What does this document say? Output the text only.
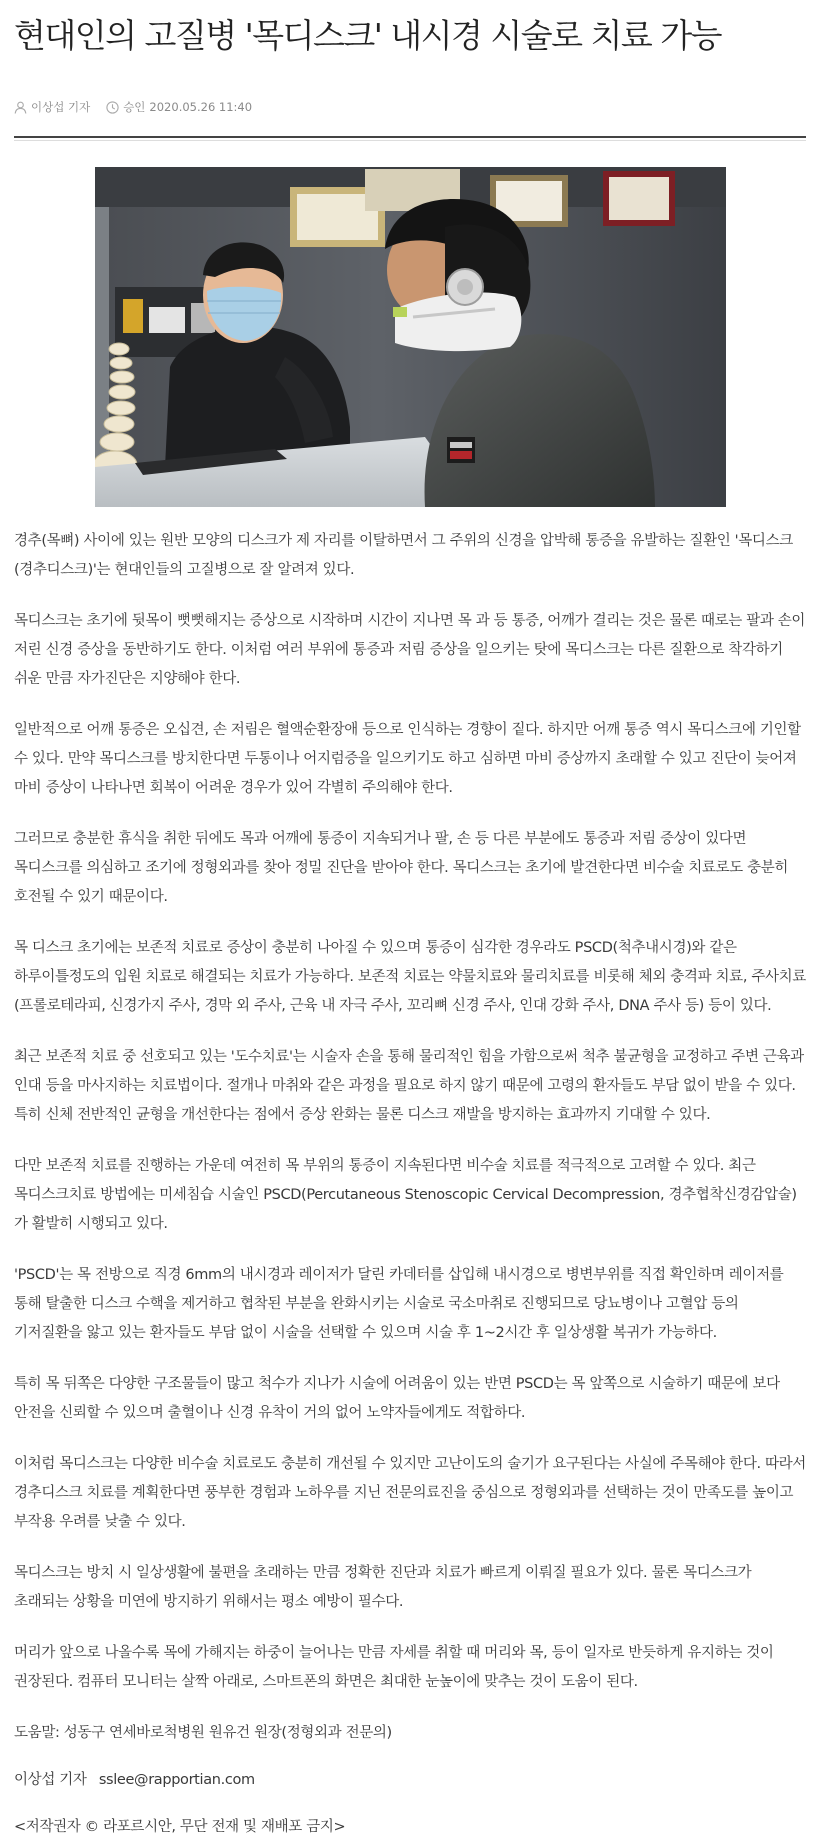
현대인의 고질병 '목디스크' 내시경 시술로 치료 가능
이상섭 기자	승인 2020.05.26 11:40

경추(목뼈) 사이에 있는 원반 모양의 디스크가 제 자리를 이탈하면서 그 주위의 신경을 압박해 통증을 유발하는 질환인 '목디스크(경추디스크)'는 현대인들의 고질병으로 잘 알려져 있다.

목디스크는 초기에 뒷목이 뻣뻣해지는 증상으로 시작하며 시간이 지나면 목 과 등 통증, 어깨가 결리는 것은 물론 때로는 팔과 손이 저린 신경 증상을 동반하기도 한다. 이처럼 여러 부위에 통증과 저림 증상을 일으키는 탓에 목디스크는 다른 질환으로 착각하기 쉬운 만큼 자가진단은 지양해야 한다.

일반적으로 어깨 통증은 오십견, 손 저림은 혈액순환장애 등으로 인식하는 경향이 짙다. 하지만 어깨 통증 역시 목디스크에 기인할 수 있다. 만약 목디스크를 방치한다면 두통이나 어지럼증을 일으키기도 하고 심하면 마비 증상까지 초래할 수 있고 진단이 늦어져 마비 증상이 나타나면 회복이 어려운 경우가 있어 각별히 주의해야 한다.

그러므로 충분한 휴식을 취한 뒤에도 목과 어깨에 통증이 지속되거나 팔, 손 등 다른 부분에도 통증과 저림 증상이 있다면 목디스크를 의심하고 조기에 정형외과를 찾아 정밀 진단을 받아야 한다. 목디스크는 초기에 발견한다면 비수술 치료로도 충분히 호전될 수 있기 때문이다.

목 디스크 초기에는 보존적 치료로 증상이 충분히 나아질 수 있으며 통증이 심각한 경우라도 PSCD(척추내시경)와 같은 하루이틀정도의 입원 치료로 해결되는 치료가 가능하다. 보존적 치료는 약물치료와 물리치료를 비롯해 체외 충격파 치료, 주사치료(프롤로테라피, 신경가지 주사, 경막 외 주사, 근육 내 자극 주사, 꼬리뼈 신경 주사, 인대 강화 주사, DNA 주사 등) 등이 있다.

최근 보존적 치료 중 선호되고 있는 '도수치료'는 시술자 손을 통해 물리적인 힘을 가함으로써 척추 불균형을 교정하고 주변 근육과 인대 등을 마사지하는 치료법이다. 절개나 마취와 같은 과정을 필요로 하지 않기 때문에 고령의 환자들도 부담 없이 받을 수 있다. 특히 신체 전반적인 균형을 개선한다는 점에서 증상 완화는 물론 디스크 재발을 방지하는 효과까지 기대할 수 있다.

다만 보존적 치료를 진행하는 가운데 여전히 목 부위의 통증이 지속된다면 비수술 치료를 적극적으로 고려할 수 있다. 최근 목디스크치료 방법에는 미세침습 시술인 PSCD(Percutaneous Stenoscopic Cervical Decompression, 경추협착신경감압술)가 활발히 시행되고 있다.

'PSCD'는 목 전방으로 직경 6mm의 내시경과 레이저가 달린 카데터를 삽입해 내시경으로 병변부위를 직접 확인하며 레이저를 통해 탈출한 디스크 수핵을 제거하고 협착된 부분을 완화시키는 시술로 국소마취로 진행되므로 당뇨병이나 고혈압 등의 기저질환을 앓고 있는 환자들도 부담 없이 시술을 선택할 수 있으며 시술 후 1~2시간 후 일상생활 복귀가 가능하다.

특히 목 뒤쪽은 다양한 구조물들이 많고 척수가 지나가 시술에 어려움이 있는 반면 PSCD는 목 앞쪽으로 시술하기 때문에 보다 안전을 신뢰할 수 있으며 출혈이나 신경 유착이 거의 없어 노약자들에게도 적합하다.

이처럼 목디스크는 다양한 비수술 치료로도 충분히 개선될 수 있지만 고난이도의 술기가 요구된다는 사실에 주목해야 한다. 따라서 경추디스크 치료를 계획한다면 풍부한 경험과 노하우를 지닌 전문의료진을 중심으로 정형외과를 선택하는 것이 만족도를 높이고 부작용 우려를 낮출 수 있다.

목디스크는 방치 시 일상생활에 불편을 초래하는 만큼 정확한 진단과 치료가 빠르게 이뤄질 필요가 있다. 물론 목디스크가 초래되는 상황을 미연에 방지하기 위해서는 평소 예방이 필수다.

머리가 앞으로 나올수록 목에 가해지는 하중이 늘어나는 만큼 자세를 취할 때 머리와 목, 등이 일자로 반듯하게 유지하는 것이 권장된다. 컴퓨터 모니터는 살짝 아래로, 스마트폰의 화면은 최대한 눈높이에 맞추는 것이 도움이 된다.

도움말: 성동구 연세바로척병원 원유건 원장(정형외과 전문의)

이상섭 기자 sslee@rapportian.com

<저작권자 © 라포르시안, 무단 전재 및 재배포 금지>
